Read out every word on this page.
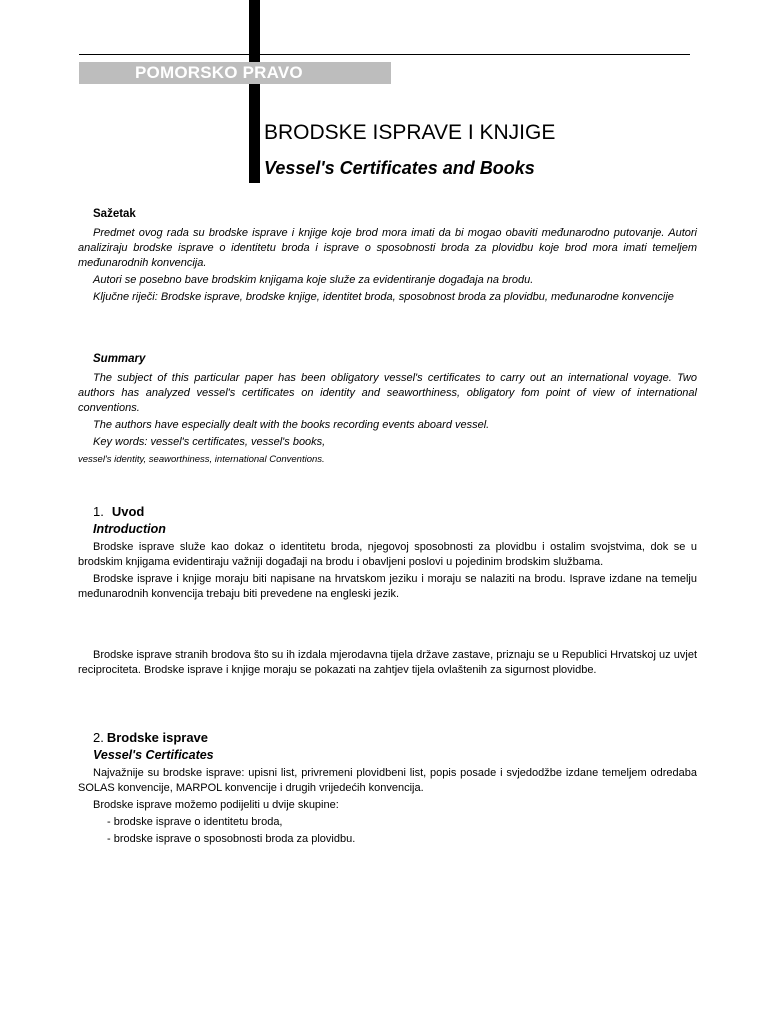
POMORSKO PRAVO
BRODSKE ISPRAVE I KNJIGE
Vessel's Certificates and Books
Sažetak

Predmet ovog rada su brodske isprave i knjige koje brod mora imati da bi mogao obaviti međunarodno putovanje. Autori analiziraju brodske isprave o identitetu broda i isprave o sposobnosti broda za plovidbu koje brod mora imati temeljem međunarodnih konvencija.

Autori se posebno bave brodskim knjigama koje služe za evidentiranje događaja na brodu.

Ključne riječi: Brodske isprave, brodske knjige, identitet broda, sposobnost broda za plovidbu, međunarodne konvencije

Summary

The subject of this particular paper has been obligatory vessel's certificates to carry out an international voyage. Two authors has analyzed vessel's certificates on identity and seaworthiness, obligatory fom point of view of international conventions.

The authors have especially dealt with the books recording events aboard vessel.

Key words: vessel's certificates, vessel's books,

vessel's identity, seaworthiness, international Conventions.

1. Uvod
Introduction

Brodske isprave služe kao dokaz o identitetu broda, njegovoj sposobnosti za plovidbu i ostalim svojstvima, dok se u brodskim knjigama evidentiraju važniji događaji na brodu i obavljeni poslovi u pojedinim brodskim službama.

Brodske isprave i knjige moraju biti napisane na hrvatskom jeziku i moraju se nalaziti na brodu. Isprave izdane na temelju međunarodnih konvencija trebaju biti prevedene na engleski jezik.

Brodske isprave stranih brodova što su ih izdala mjerodavna tijela države zastave, priznaju se u Republici Hrvatskoj uz uvjet reciprociteta. Brodske isprave i knjige moraju se pokazati na zahtjev tijela ovlaštenih za sigurnost plovidbe.

2. Brodske isprave
Vessel's Certificates

Najvažnije su brodske isprave: upisni list, privremeni plovidbeni list, popis posade i svjedodžbe izdane temeljem odredaba SOLAS konvencije, MARPOL konvencije i drugih vrijedećih konvencija.

Brodske isprave možemo podijeliti u dvije skupine:

- brodske isprave o identitetu broda,

- brodske isprave o sposobnosti broda za plovidbu.
